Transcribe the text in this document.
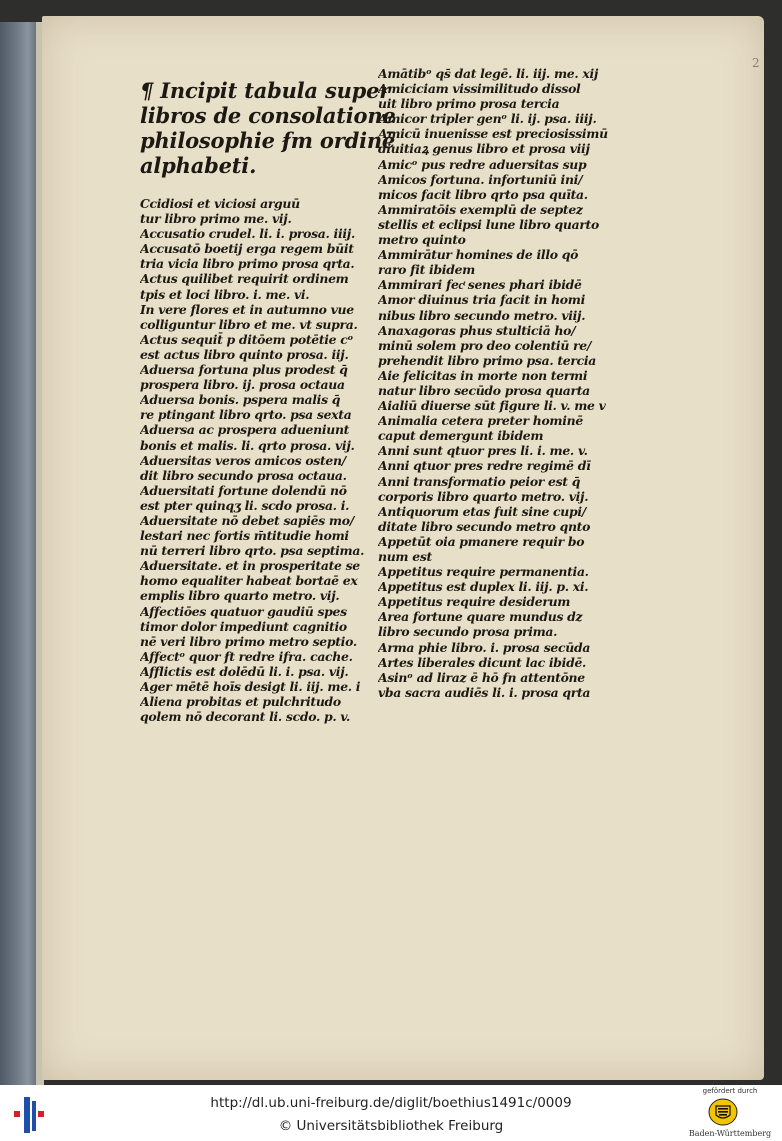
2
¶ Incipit tabula super
libros de consolatione
philosophie ẜm ordinē
alphabeti.
Ccidiosi et viciosi arguū
tur libro primo me. vij.
Accusatio crudel. li. i. prosa. iiij.
Accusatō boetij erga regem būit
tria vicia libro primo prosa qrta.
Actus quilibet requirit ordinem
tpis et loci libro. i. me. vi.
In vere flores et in autumno vue
colliguntur libro et me. vt supra.
Actus sequit̄ p ditōem potētie cᵒ
est actus libro quinto prosa. iij.
Aduersa fortuna plus prodest q̄
prospera libro. ij. prosa octaua
Aduersa bonis. pspera malis q̄
re ptingant libro qrto. psa sexta
Aduersa ac prospera adueniunt
bonis et malis. li. qrto prosa. vij.
Aduersitas veros amicos osten/
dit libro secundo prosa octaua.
Aduersitati fortune dolendū nō
est pter quinqʒ li. scdo prosa. i.
Aduersitate nō debet sapiēs mo/
lestari nec fortis m̄titudie homi
nū terreri libro qrto. psa septima.
Aduersitate. et in prosperitate se
homo equaliter habeat bortaē ex
emplis libro quarto metro. vij.
Affectiōes quatuor gaudiū spes
timor dolor impediunt cagnitio
nē veri libro primo metro septio.
Affectᵒ quor ẜt redre ifra. cache.
Afflictis est dolēdū li. i. psa. vij.
Ager mētē hoīs desigt li. iij. me. i
Aliena probitas et pulchritudo
qolem nō decorant li. scdo. p. v.
Amātibᵒ qs̄ dat legē. li. iij. me. xij
Amiciciam vissimilitudo dissol
uit libro primo prosa tercia
Amicor tripler genᵒ li. ij. psa. iiij.
Amicū inuenisse est preciosissimū
diuitiaꝝ genus libro et prosa viij
Amicᵒ pus redre aduersitas sup
Amicos fortuna. infortuniū ini/
micos facit libro qrto psa quīta.
Ammiratōis exemplū de septez
stellis et eclipsi lune libro quarto
metro quinto
Ammirātur homines de illo qō
raro fit ibidem
Ammirari fecͭ senes phari ibidē
Amor diuinus tria facit in homi
nibus libro secundo metro. viij.
Anaxagoras phus stulticiā ho/
minū solem pro deo colentiū re/
prehendit libro primo psa. tercia
Aie felicitas in morte non termi
natur libro secūdo prosa quarta
Aialiū diuerse sūt figure li. v. me v
Animalia cetera preter hominē
caput demergunt ibidem
Anni sunt qtuor pres li. i. me. v.
Anni qtuor pres redre regimē dī
Anni transformatio peior est q̄
corporis libro quarto metro. vij.
Antiquorum etas fuit sine cupi/
ditate libro secundo metro qnto
Appetūt oia pmanere requir bo
num est
Appetitus require permanentia.
Appetitus est duplex li. iij. p. xi.
Appetitus require desiderum
Area fortune quare mundus dz
libro secundo prosa prima.
Arma phie libro. i. prosa secūda
Artes liberales dicunt lac ibidē.
Asinᵒ ad liraz ē hō ẜn attentōne
vba sacra audiēs li. i. prosa qrta
http://dl.ub.uni-freiburg.de/diglit/boethius1491c/0009
© Universitätsbibliothek Freiburg
gefördert durch
Baden-Württemberg
